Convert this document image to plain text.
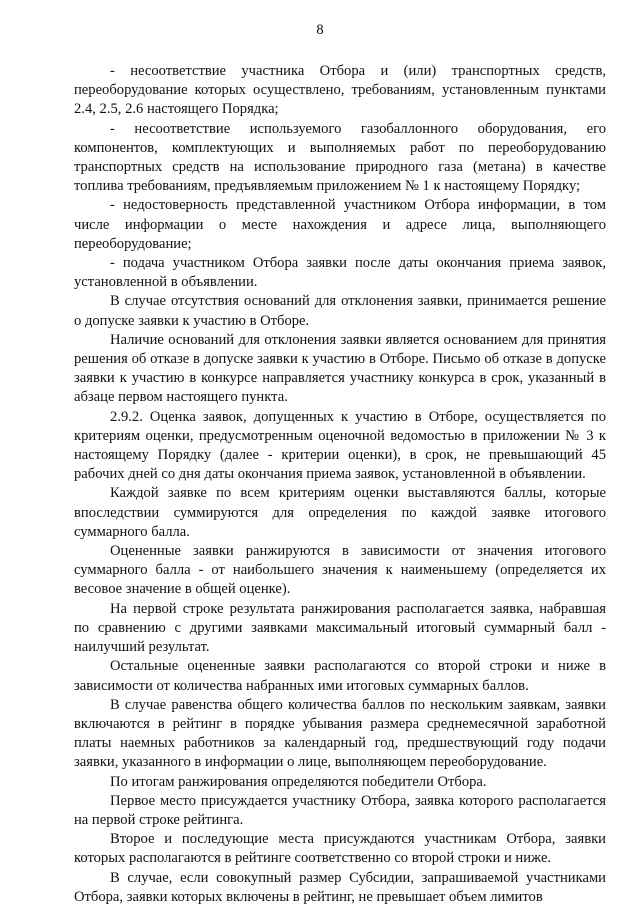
8

- несоответствие участника Отбора и (или) транспортных средств, переоборудование которых осуществлено, требованиям, установленным пунктами 2.4, 2.5, 2.6 настоящего Порядка;

- несоответствие используемого газобаллонного оборудования, его компонентов, комплектующих и выполняемых работ по переоборудованию транспортных средств на использование природного газа (метана) в качестве топлива требованиям, предъявляемым приложением № 1 к настоящему Порядку;

- недостоверность представленной участником Отбора информации, в том числе информации о месте нахождения и адресе лица, выполняющего переоборудование;

- подача участником Отбора заявки после даты окончания приема заявок, установленной в объявлении.

В случае отсутствия оснований для отклонения заявки, принимается решение о допуске заявки к участию в Отборе.

Наличие оснований для отклонения заявки является основанием для принятия решения об отказе в допуске заявки к участию в Отборе. Письмо об отказе в допуске заявки к участию в конкурсе направляется участнику конкурса в срок, указанный в абзаце первом настоящего пункта.

2.9.2. Оценка заявок, допущенных к участию в Отборе, осуществляется по критериям оценки, предусмотренным оценочной ведомостью в приложении № 3 к настоящему Порядку (далее - критерии оценки), в срок, не превышающий 45 рабочих дней со дня даты окончания приема заявок, установленной в объявлении.

Каждой заявке по всем критериям оценки выставляются баллы, которые впоследствии суммируются для определения по каждой заявке итогового суммарного балла.

Оцененные заявки ранжируются в зависимости от значения итогового суммарного балла - от наибольшего значения к наименьшему (определяется их весовое значение в общей оценке).

На первой строке результата ранжирования располагается заявка, набравшая по сравнению с другими заявками максимальный итоговый суммарный балл - наилучший результат.

Остальные оцененные заявки располагаются со второй строки и ниже в зависимости от количества набранных ими итоговых суммарных баллов.

В случае равенства общего количества баллов по нескольким заявкам, заявки включаются в рейтинг в порядке убывания размера среднемесячной заработной платы наемных работников за календарный год, предшествующий году подачи заявки, указанного в информации о лице, выполняющем переоборудование.

По итогам ранжирования определяются победители Отбора.

Первое место присуждается участнику Отбора, заявка которого располагается на первой строке рейтинга.

Второе и последующие места присуждаются участникам Отбора, заявки которых располагаются в рейтинге соответственно со второй строки и ниже.

В случае, если совокупный размер Субсидии, запрашиваемой участниками Отбора, заявки которых включены в рейтинг, не превышает объем лимитов
